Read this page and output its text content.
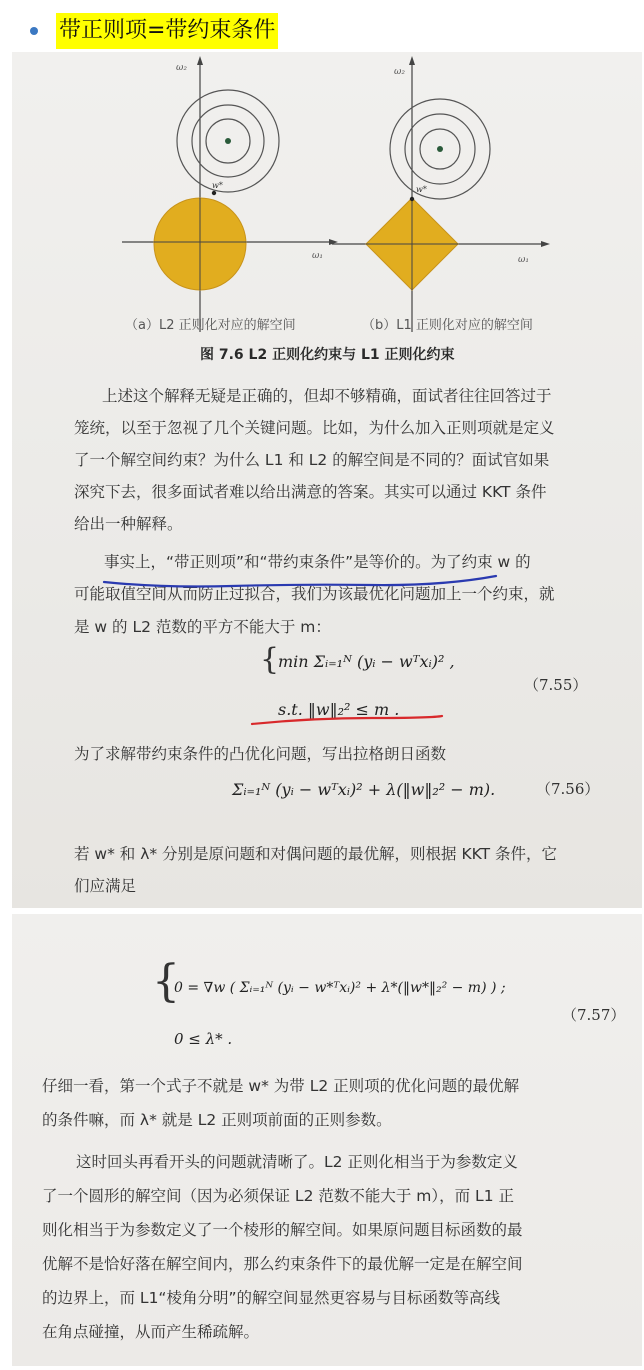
带正则项=带约束条件
ω₂
ω₁
w*
ω₂
ω₁
w*
（a）L2 正则化对应的解空间	（b）L1 正则化对应的解空间
图 7.6 L2 正则化约束与 L1 正则化约束
上述这个解释无疑是正确的，但却不够精确，面试者往往回答过于
笼统，以至于忽视了几个关键问题。比如，为什么加入正则项就是定义
了一个解空间约束？为什么 L1 和 L2 的解空间是不同的？面试官如果
深究下去，很多面试者难以给出满意的答案。其实可以通过 KKT 条件
给出一种解释。
事实上，“带正则项”和“带约束条件”是等价的。为了约束 w 的
可能取值空间从而防止过拟合，我们为该最优化问题加上一个约束，就
是 w 的 L2 范数的平方不能大于 m：
{
min Σᵢ₌₁ᴺ (yᵢ − wᵀxᵢ)² ,
s.t. ‖w‖₂² ≤ m .
（7.55）
为了求解带约束条件的凸优化问题，写出拉格朗日函数
Σᵢ₌₁ᴺ (yᵢ − wᵀxᵢ)² + λ(‖w‖₂² − m).	（7.56）
若 w* 和 λ* 分别是原问题和对偶问题的最优解，则根据 KKT 条件，它
们应满足
{
0 = ∇w ( Σᵢ₌₁ᴺ (yᵢ − w*ᵀxᵢ)² + λ*(‖w*‖₂² − m) ) ;
0 ≤ λ* .
（7.57）
仔细一看，第一个式子不就是 w* 为带 L2 正则项的优化问题的最优解
的条件嘛，而 λ* 就是 L2 正则项前面的正则参数。
这时回头再看开头的问题就清晰了。L2 正则化相当于为参数定义
了一个圆形的解空间（因为必须保证 L2 范数不能大于 m），而 L1 正
则化相当于为参数定义了一个棱形的解空间。如果原问题目标函数的最
优解不是恰好落在解空间内，那么约束条件下的最优解一定是在解空间
的边界上，而 L1“棱角分明”的解空间显然更容易与目标函数等高线
在角点碰撞，从而产生稀疏解。
